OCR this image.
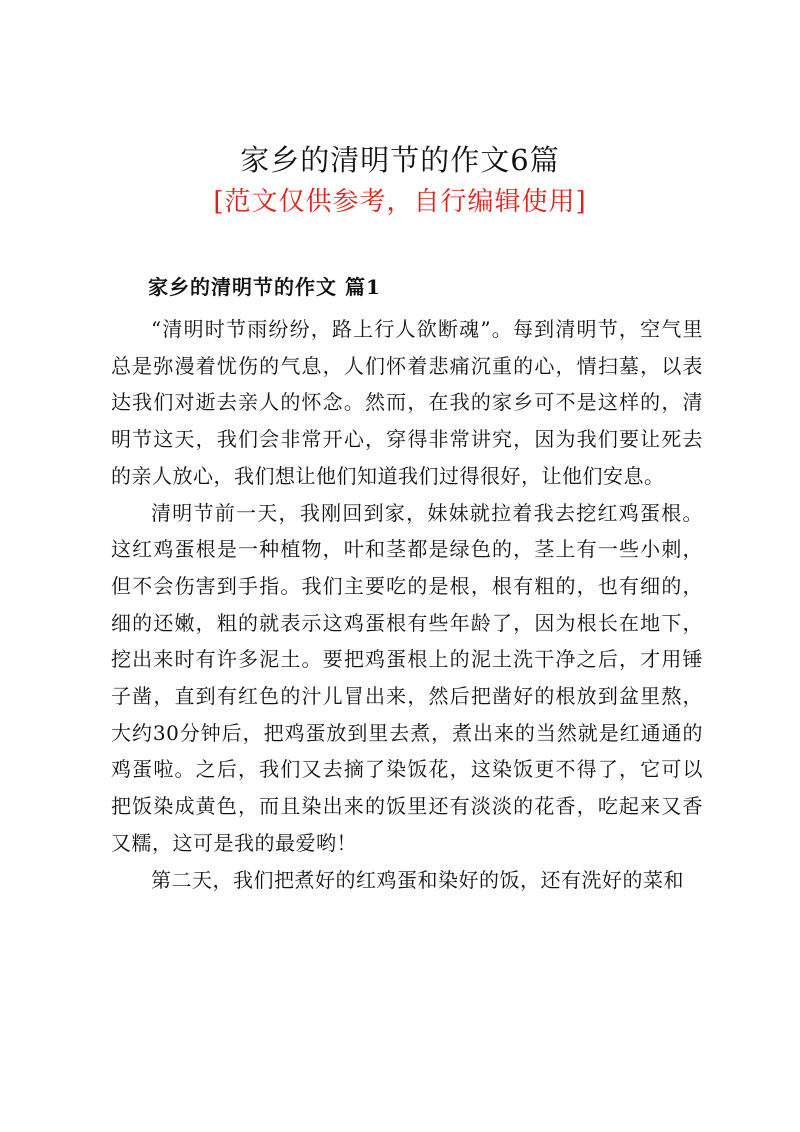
家乡的清明节的作文6篇
[范文仅供参考，自行编辑使用]
家乡的清明节的作文 篇1

“清明时节雨纷纷，路上行人欲断魂”。每到清明节，空气里总是弥漫着忧伤的气息，人们怀着悲痛沉重的心，情扫墓，以表达我们对逝去亲人的怀念。然而，在我的家乡可不是这样的，清明节这天，我们会非常开心，穿得非常讲究，因为我们要让死去的亲人放心，我们想让他们知道我们过得很好，让他们安息。

清明节前一天，我刚回到家，妹妹就拉着我去挖红鸡蛋根。这红鸡蛋根是一种植物，叶和茎都是绿色的，茎上有一些小刺，但不会伤害到手指。我们主要吃的是根，根有粗的，也有细的，细的还嫩，粗的就表示这鸡蛋根有些年龄了，因为根长在地下，挖出来时有许多泥土。要把鸡蛋根上的泥土洗干净之后，才用锤子凿，直到有红色的汁儿冒出来，然后把凿好的根放到盆里熬，大约30分钟后，把鸡蛋放到里去煮，煮出来的当然就是红通通的鸡蛋啦。之后，我们又去摘了染饭花，这染饭更不得了，它可以把饭染成黄色，而且染出来的饭里还有淡淡的花香，吃起来又香又糯，这可是我的最爱哟！

第二天，我们把煮好的红鸡蛋和染好的饭，还有洗好的菜和
